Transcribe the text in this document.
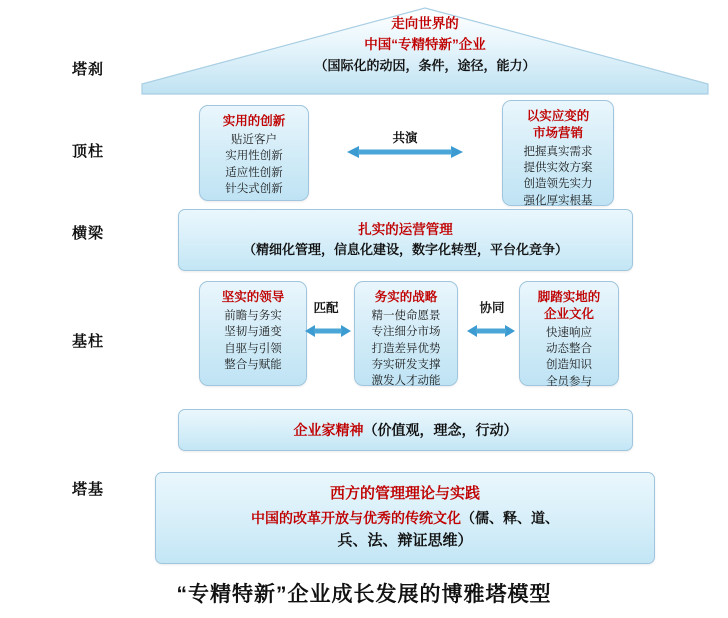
塔刹
顶柱
横梁
基柱
塔基
走向世界的
中国“专精特新”企业
（国际化的动因，条件，途径，能力）
实用的创新
贴近客户
实用性创新
适应性创新
针尖式创新
以实应变的
市场营销
把握真实需求
提供实效方案
创造领先实力
强化厚实根基
共演
扎实的运营管理
（精细化管理，信息化建设，数字化转型，平台化竞争）
坚实的领导
前瞻与务实
坚韧与通变
自驱与引领
整合与赋能
务实的战略
精一使命愿景
专注细分市场
打造差异优势
夯实研发支撑
激发人才动能
脚踏实地的
企业文化
快速响应
动态整合
创造知识
全员参与
匹配	协同
企业家精神（价值观，理念，行动）
西方的管理理论与实践
中国的改革开放与优秀的传统文化（儒、释、道、
兵、法、辩证思维）
“专精特新”企业成长发展的博雅塔模型
